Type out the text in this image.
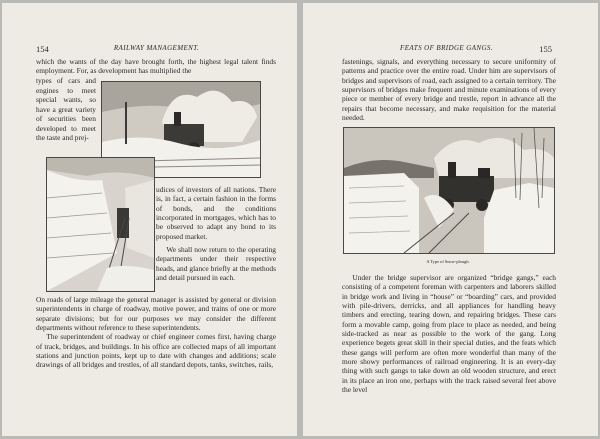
154	RAILWAY MANAGEMENT.

which the wants of the day have brought forth, the highest legal talent finds employment. For, as development has multiplied the

types of cars and engines to meet special wants, so have a great variety of securities been developed to meet the taste and prej-

udices of investors of all nations. There is, in fact, a certain fashion in the forms of bonds, and the conditions incorporated in mortgages, which has to be observed to adapt any bond to its proposed market.

We shall now return to the operating departments under their respective heads, and glance briefly at the methods and detail pursued in each.

On roads of large mileage the general manager is assisted by general or division superintendents in charge of roadway, motive power, and trains of one or more separate divisions; but for our purposes we may consider the different departments without reference to these superintendents.

The superintendent of roadway or chief engineer comes first, having charge of track, bridges, and buildings. In his office are collected maps of all important stations and junction points, kept up to date with changes and additions; scale drawings of all bridges and trestles, of all standard depots, tanks, switches, rails,

FEATS OF BRIDGE GANGS.	155

fastenings, signals, and everything necessary to secure uniformity of patterns and practice over the entire road. Under him are supervisors of bridges and supervisors of road, each assigned to a certain territory. The supervisors of bridges make frequent and minute examinations of every piece or member of every bridge and trestle, report in advance all the repairs that become necessary, and make requisition for the material needed.

A Type of Snow-plough.

Under the bridge supervisor are organized “bridge gangs,” each consisting of a competent foreman with carpenters and laborers skilled in bridge work and living in “house” or “boarding” cars, and provided with pile-drivers, derricks, and all appliances for handling heavy timbers and erecting, tearing down, and repairing bridges. These cars form a movable camp, going from place to place as needed, and being side-tracked as near as possible to the work of the gang. Long experience begets great skill in their special duties, and the feats which these gangs will perform are often more wonderful than many of the more showy performances of railroad engineering. It is an every-day thing with such gangs to take down an old wooden structure, and erect in its place an iron one, perhaps with the track raised several feet above the level
